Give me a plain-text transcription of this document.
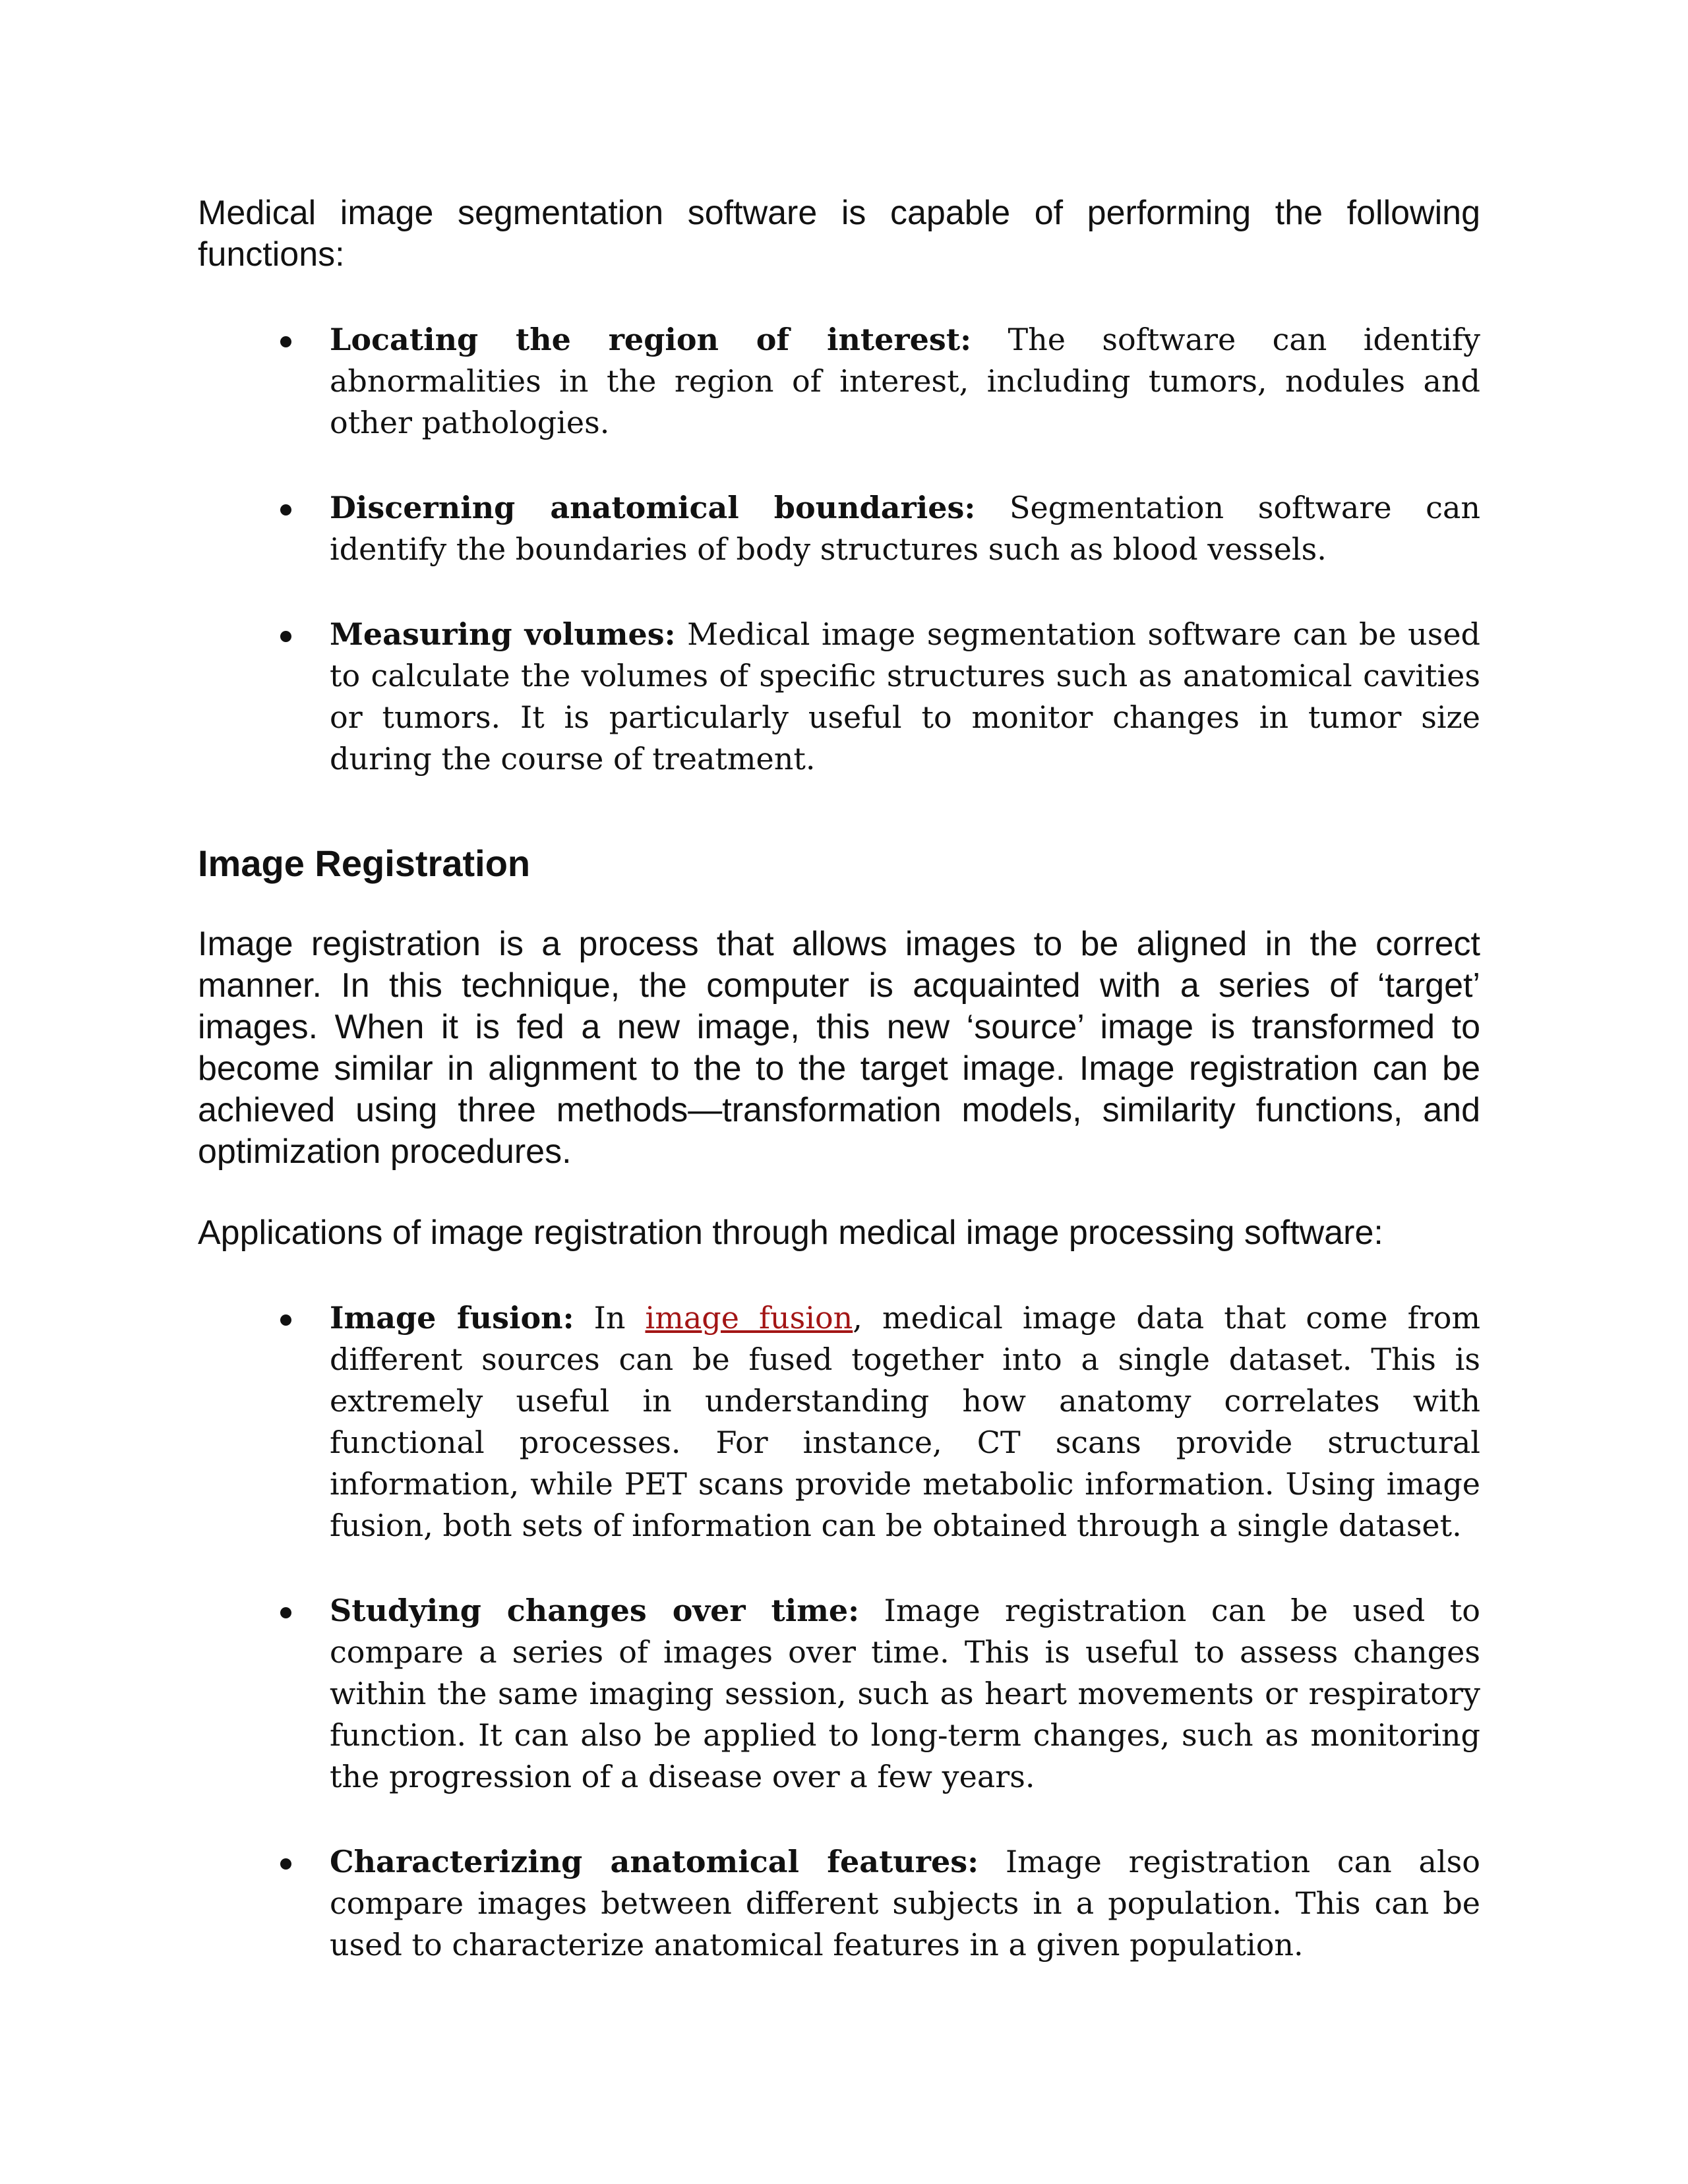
Medical image segmentation software is capable of performing the following functions:

Locating the region of interest: The software can identify abnormalities in the region of interest, including tumors, nodules and other pathologies.
Discerning anatomical boundaries: Segmentation software can identify the boundaries of body structures such as blood vessels.
Measuring volumes: Medical image segmentation software can be used to calculate the volumes of specific structures such as anatomical cavities or tumors. It is particularly useful to monitor changes in tumor size during the course of treatment.
Image Registration

Image registration is a process that allows images to be aligned in the correct manner. In this technique, the computer is acquainted with a series of ‘target’ images. When it is fed a new image, this new ‘source’ image is transformed to become similar in alignment to the to the target image. Image registration can be achieved using three methods—transformation models, similarity functions, and optimization procedures.

Applications of image registration through medical image processing software:

Image fusion: In image fusion, medical image data that come from different sources can be fused together into a single dataset. This is extremely useful in understanding how anatomy correlates with functional processes. For instance, CT scans provide structural information, while PET scans provide metabolic information. Using image fusion, both sets of information can be obtained through a single dataset.
Studying changes over time: Image registration can be used to compare a series of images over time. This is useful to assess changes within the same imaging session, such as heart movements or respiratory function. It can also be applied to long-term changes, such as monitoring the progression of a disease over a few years.
Characterizing anatomical features: Image registration can also compare images between different subjects in a population. This can be used to characterize anatomical features in a given population.
